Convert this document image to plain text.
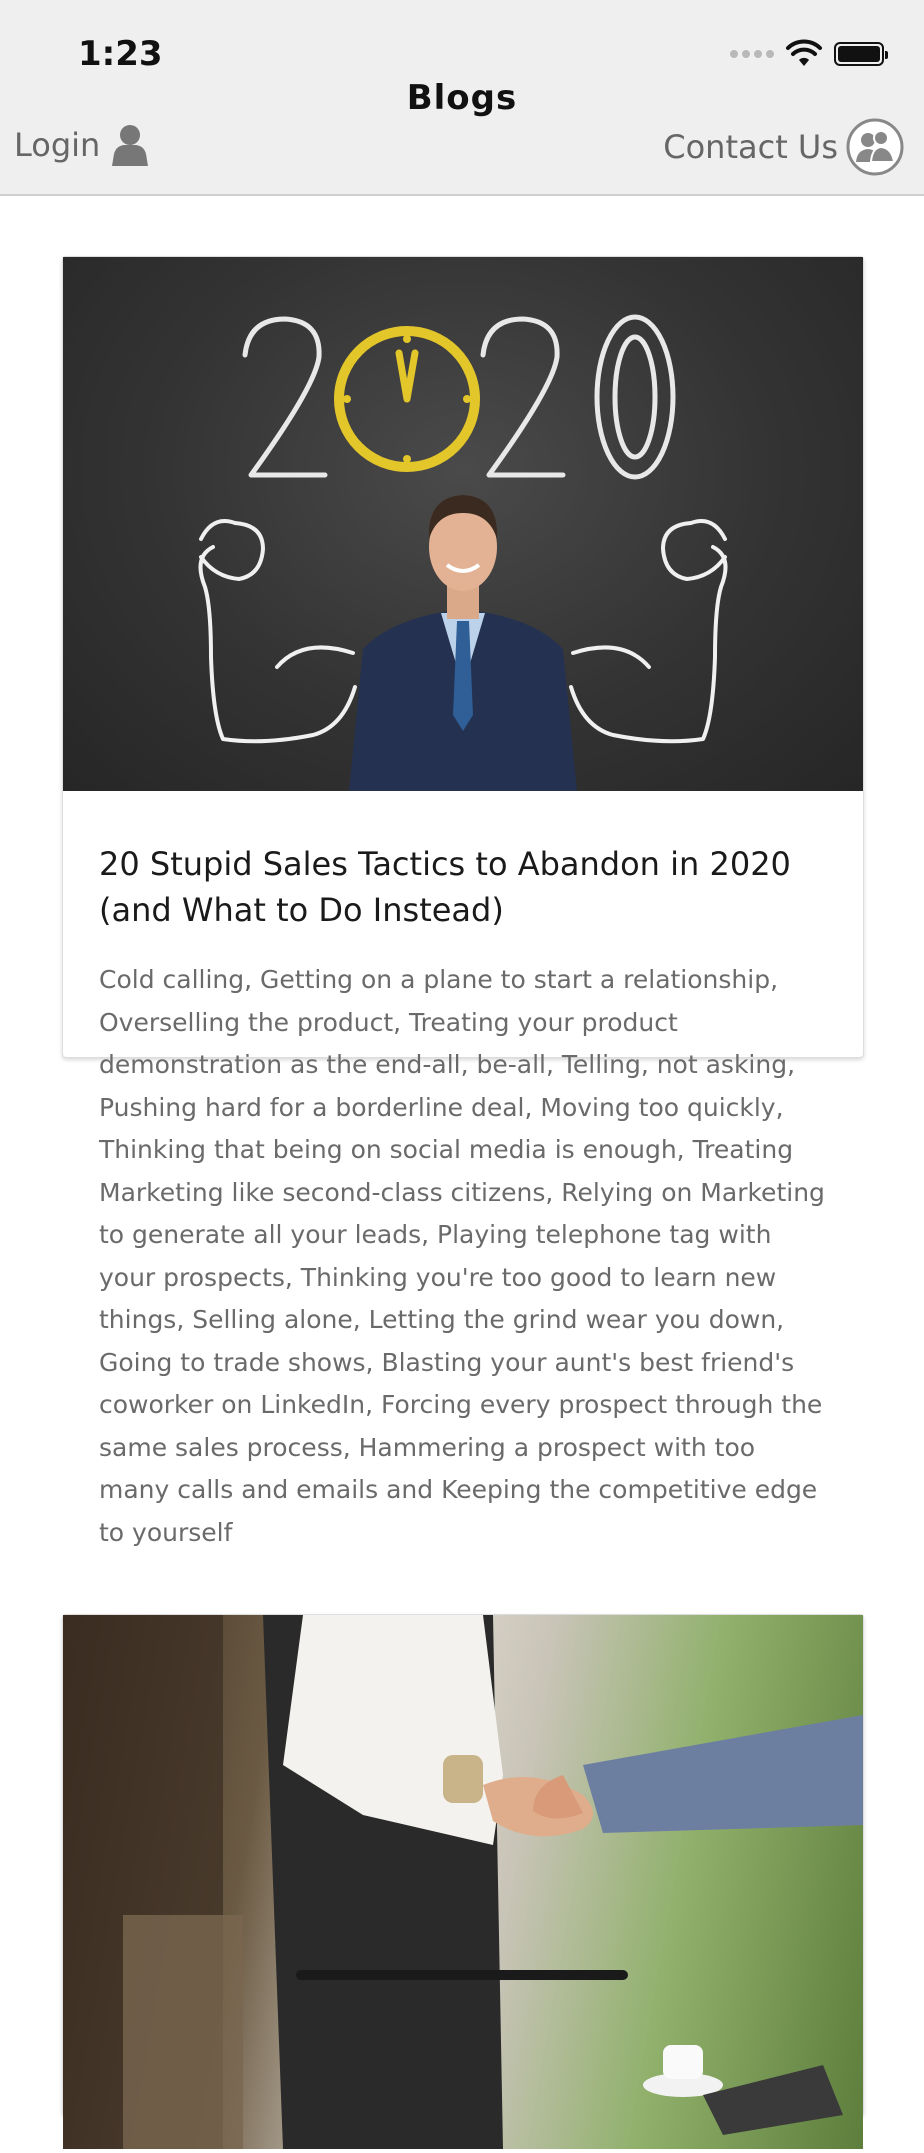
1:23
Blogs
Login	Contact Us
20 Stupid Sales Tactics to Abandon in 2020 (and What to Do Instead)

Cold calling, Getting on a plane to start a relationship, Overselling the product, Treating your product demonstration as the end-all, be-all, Telling, not asking, Pushing hard for a borderline deal, Moving too quickly, Thinking that being on social media is enough, Treating Marketing like second-class citizens, Relying on Marketing to generate all your leads, Playing telephone tag with your prospects, Thinking you're too good to learn new things, Selling alone, Letting the grind wear you down, Going to trade shows, Blasting your aunt's best friend's coworker on LinkedIn, Forcing every prospect through the same sales process, Hammering a prospect with too many calls and emails and Keeping the competitive edge to yourself
